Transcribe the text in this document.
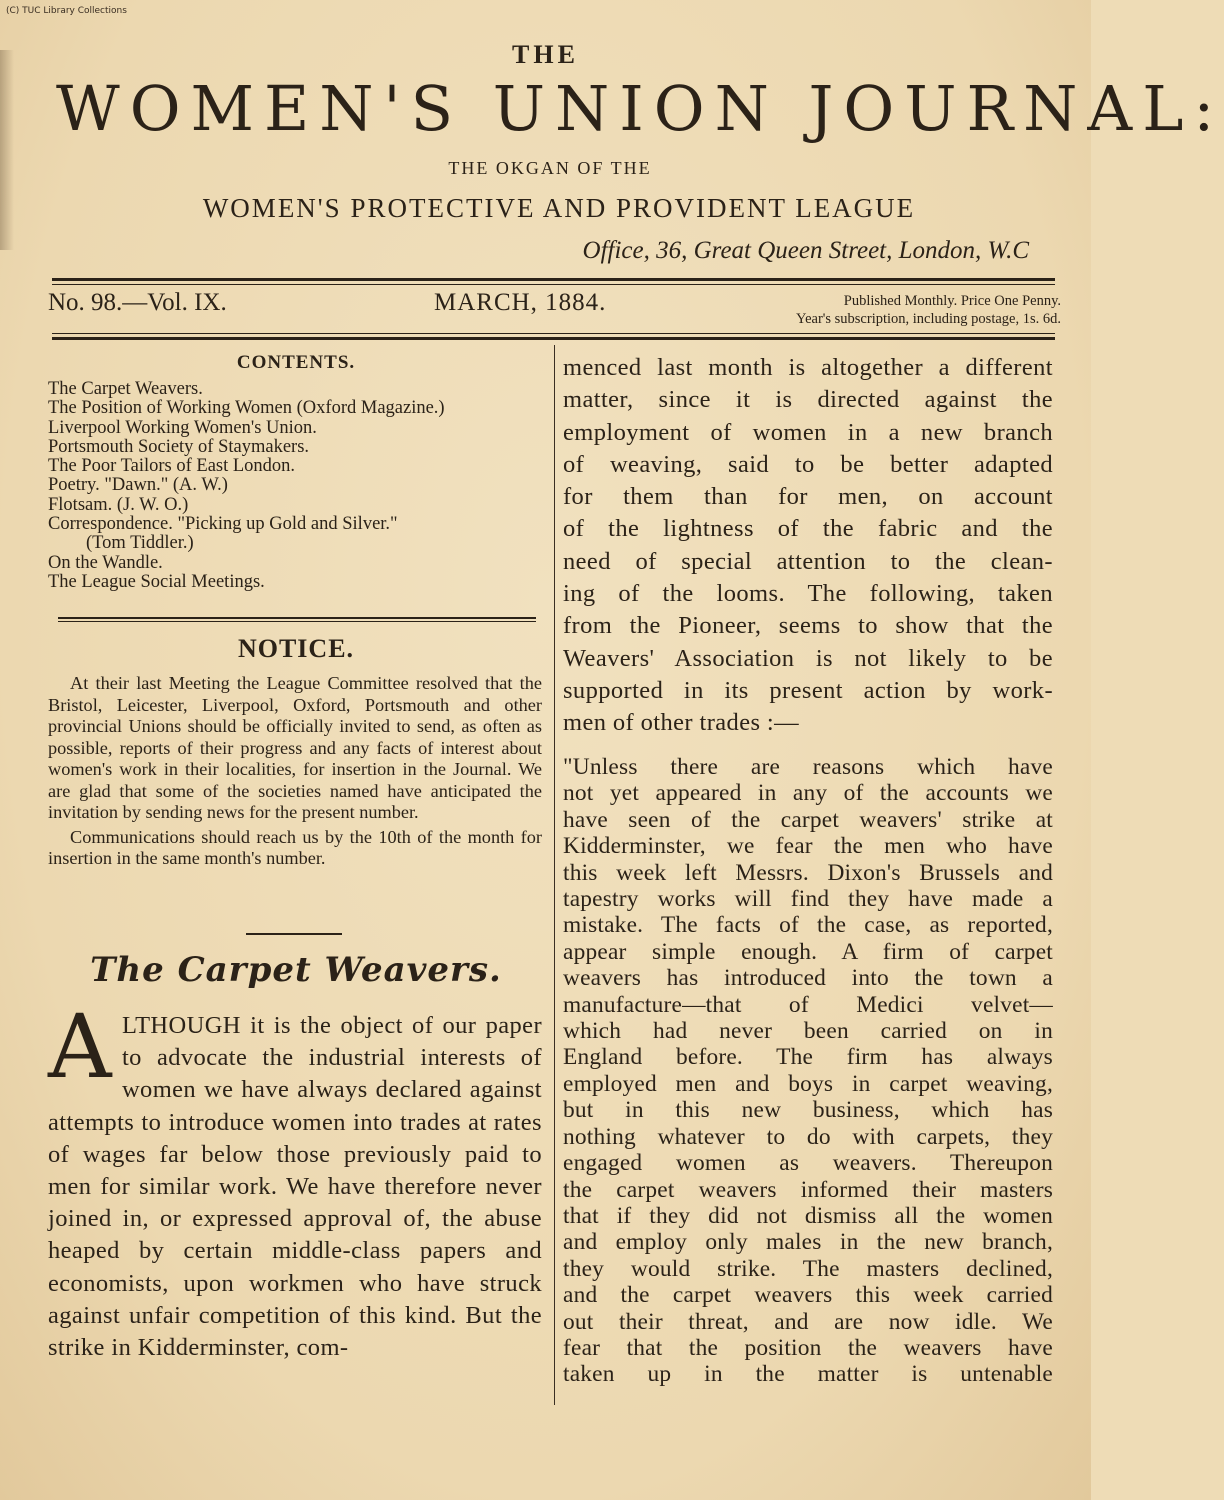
(C) TUC Library Collections
THE
WOMEN'S UNION JOURNAL:
THE OKGAN OF THE
WOMEN'S PROTECTIVE AND PROVIDENT LEAGUE
Office, 36, Great Queen Street, London, W.C
No. 98.—Vol. IX.	MARCH, 1884.	Published Monthly. Price One Penny.
Year's subscription, including postage, 1s. 6d.
CONTENTS.
The Carpet Weavers.
The Position of Working Women (Oxford Magazine.)
Liverpool Working Women's Union.
Portsmouth Society of Staymakers.
The Poor Tailors of East London.
Poetry. "Dawn." (A. W.)
Flotsam. (J. W. O.)
Correspondence. "Picking up Gold and Silver."
(Tom Tiddler.)
On the Wandle.
The League Social Meetings.
NOTICE.

At their last Meeting the League Committee resolved that the Bristol, Leicester, Liverpool, Oxford, Portsmouth and other provincial Unions should be officially invited to send, as often as possible, reports of their progress and any facts of interest about women's work in their localities, for insertion in the Journal. We are glad that some of the societies named have anticipated the invitation by sending news for the present number.

Communications should reach us by the 10th of the month for insertion in the same month's number.

The Carpet Weavers.
A LTHOUGH it is the object of our paper to advocate the industrial interests of women we have always declared against attempts to introduce women into trades at rates of wages far below those previously paid to men for similar work. We have therefore never joined in, or expressed approval of, the abuse heaped by certain middle-class papers and economists, upon workmen who have struck against unfair competition of this kind. But the strike in Kidderminster, com-

menced last month is altogether a different
matter, since it is directed against the
employment of women in a new branch
of weaving, said to be better adapted
for them than for men, on account
of the lightness of the fabric and the
need of special attention to the clean-
ing of the looms. The following, taken
from the Pioneer, seems to show that the
Weavers' Association is not likely to be
supported in its present action by work-
men of other trades :—

"Unless there are reasons which have
not yet appeared in any of the accounts we
have seen of the carpet weavers' strike at
Kidderminster, we fear the men who have
this week left Messrs. Dixon's Brussels and
tapestry works will find they have made a
mistake. The facts of the case, as reported,
appear simple enough. A firm of carpet
weavers has introduced into the town a
manufacture—that of Medici velvet—
which had never been carried on in
England before. The firm has always
employed men and boys in carpet weaving,
but in this new business, which has
nothing whatever to do with carpets, they
engaged women as weavers. Thereupon
the carpet weavers informed their masters
that if they did not dismiss all the women
and employ only males in the new branch,
they would strike. The masters declined,
and the carpet weavers this week carried
out their threat, and are now idle. We
fear that the position the weavers have
taken up in the matter is untenable
